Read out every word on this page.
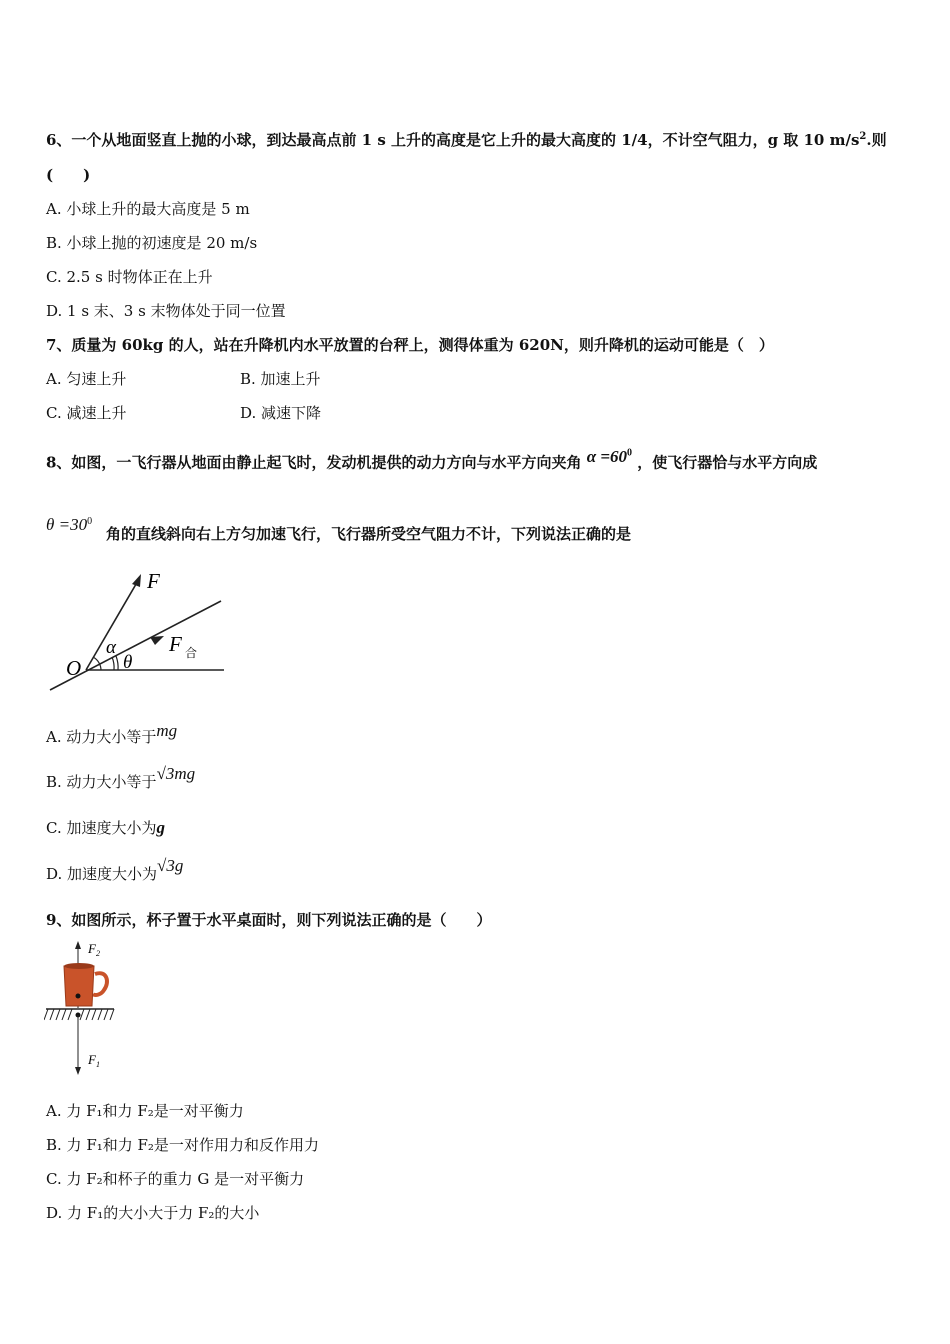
6、一个从地面竖直上抛的小球，到达最高点前 1 s 上升的高度是它上升的最大高度的 1/4，不计空气阻力，g 取 10 $m/s^2$.则
(　　)
A. 小球上升的最大高度是 5 m
B. 小球上抛的初速度是 20 m/s
C. 2.5 s 时物体正在上升
D. 1 s 末、3 s 末物体处于同一位置
7、质量为 60kg 的人，站在升降机内水平放置的台秤上，测得体重为 620N，则升降机的运动可能是（　）
A. 匀速上升	B. 加速上升
C. 减速上升	D. 减速下降
8、如图，一飞行器从地面由静止起飞时，发动机提供的动力方向与水平方向夹角 $\alpha =60^0$ ，使飞行器恰与水平方向成
$\theta =30^0$
角的直线斜向右上方匀加速飞行，飞行器所受空气阻力不计，下列说法正确的是
F
O
α
θ
F 合
A. 动力大小等于mg
B. 动力大小等于√3mg
C. 加速度大小为g
D. 加速度大小为√3g
9、如图所示，杯子置于水平桌面时，则下列说法正确的是（　　）
$F_2$
$F_1$
A. 力 F₁和力 F₂是一对平衡力
B. 力 F₁和力 F₂是一对作用力和反作用力
C. 力 F₂和杯子的重力 G 是一对平衡力
D. 力 F₁的大小大于力 F₂的大小
